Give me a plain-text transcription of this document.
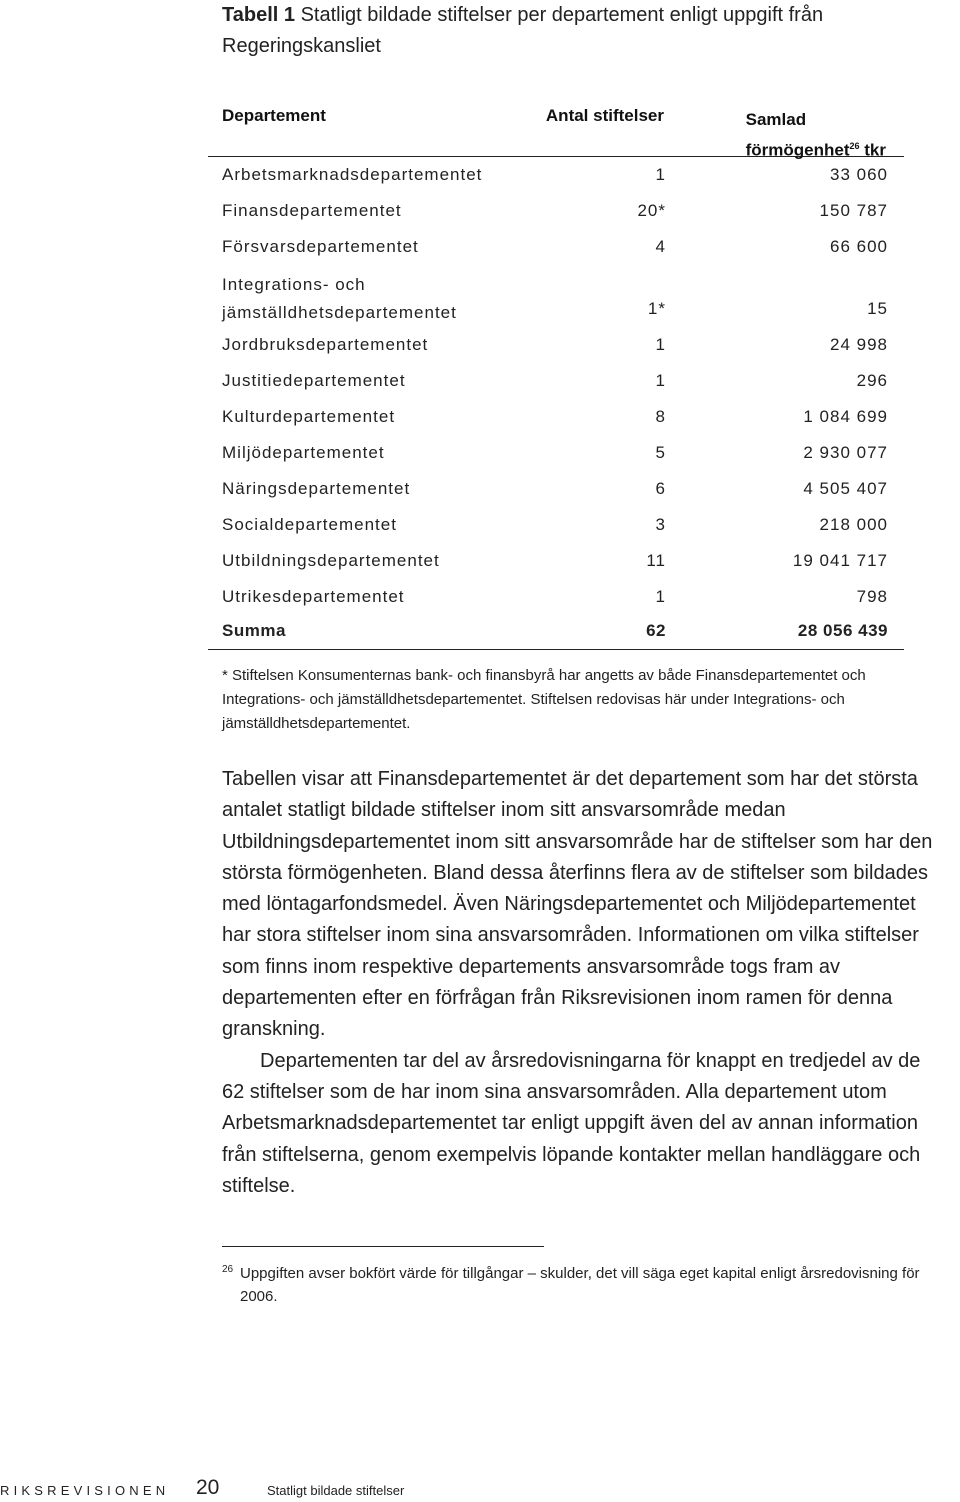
Tabell 1 Statligt bildade stiftelser per departement enligt uppgift från Regeringskansliet
Departement	Antal stiftelser	Samlad
förmögenhet$^{26}$ tkr
Arbetsmarknadsdepartementet	1	33 060
Finansdepartementet	20*	150 787
Försvarsdepartementet	4	66 600
Integrations- och
jämställdhetsdepartementet	1*	15
Jordbruksdepartementet	1	24 998
Justitiedepartementet	1	296
Kulturdepartementet	8	1 084 699
Miljödepartementet	5	2 930 077
Näringsdepartementet	6	4 505 407
Socialdepartementet	3	218 000
Utbildningsdepartementet	11	19 041 717
Utrikesdepartementet	1	798
Summa	62	28 056 439
* Stiftelsen Konsumenternas bank- och finansbyrå har angetts av både Finansdepartementet och Integrations- och jämställdhetsdepartementet. Stiftelsen redovisas här under Integrations- och jämställdhetsdepartementet.

Tabellen visar att Finansdepartementet är det departement som har det största antalet statligt bildade stiftelser inom sitt ansvarsområde medan Utbildningsdepartementet inom sitt ansvarsområde har de stiftelser som har den största förmögenheten. Bland dessa återfinns flera av de stiftelser som bildades med löntagarfondsmedel. Även Näringsdepartementet och Miljödepartementet har stora stiftelser inom sina ansvarsområden. Informationen om vilka stiftelser som finns inom respektive departements ansvarsområde togs fram av departementen efter en förfrågan från Riksrevisionen inom ramen för denna granskning.

Departementen tar del av årsredovisningarna för knappt en tredjedel av de 62 stiftelser som de har inom sina ansvarsområden. Alla departement utom Arbetsmarknadsdepartementet tar enligt uppgift även del av annan information från stiftelserna, genom exempelvis löpande kontakter mellan handläggare och stiftelse.

26 Uppgiften avser bokfört värde för tillgångar – skulder, det vill säga eget kapital enligt årsredovisning för 2006.
RIKSREVISIONEN 20	Statligt bildade stiftelser
